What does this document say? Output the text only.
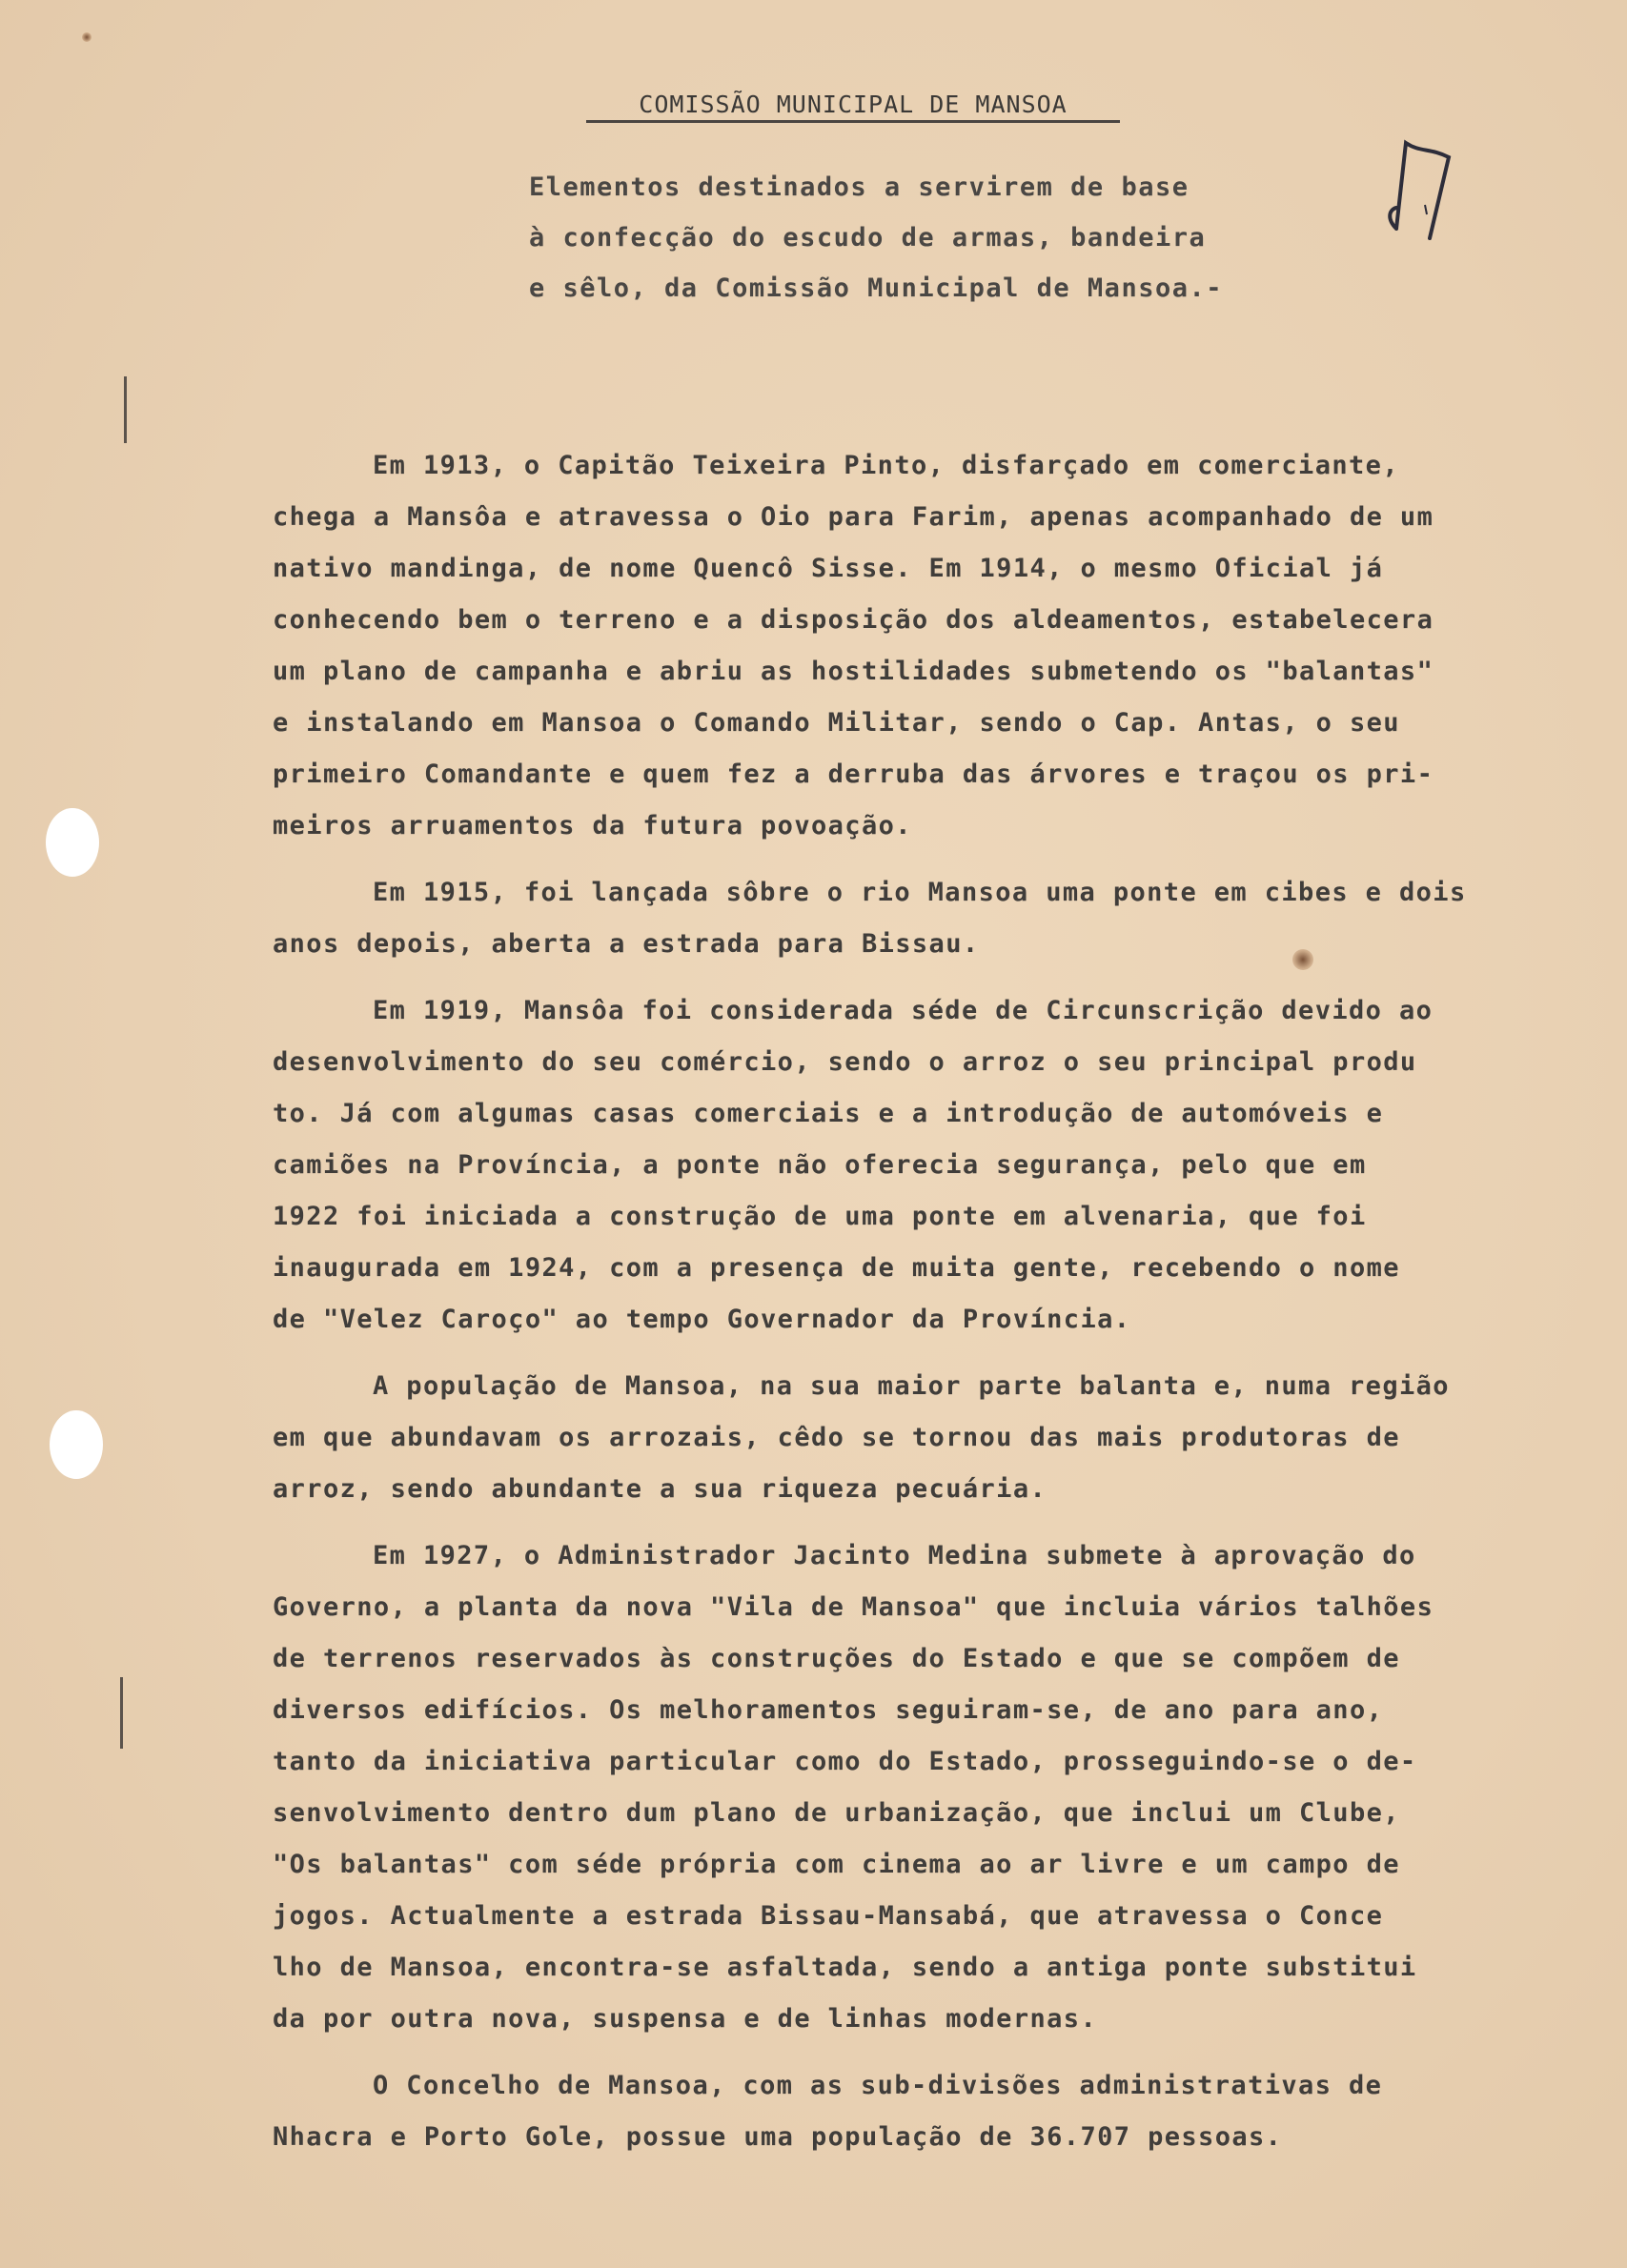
COMISSÃO MUNICIPAL DE MANSOA
Elementos destinados a servirem de base
à confecção do escudo de armas, bandeira
e sêlo, da Comissão Municipal de Mansoa.-

Em 1913, o Capitão Teixeira Pinto, disfarçado em comerciante,
chega a Mansôa e atravessa o Oio para Farim, apenas acompanhado de um
nativo mandinga, de nome Quencô Sisse. Em 1914, o mesmo Oficial já
conhecendo bem o terreno e a disposição dos aldeamentos, estabelecera
um plano de campanha e abriu as hostilidades submetendo os "balantas"
e instalando em Mansoa o Comando Militar, sendo o Cap. Antas, o seu
primeiro Comandante e quem fez a derruba das árvores e traçou os pri-
meiros arruamentos da futura povoação.

Em 1915, foi lançada sôbre o rio Mansoa uma ponte em cibes e dois
anos depois, aberta a estrada para Bissau.

Em 1919, Mansôa foi considerada séde de Circunscrição devido ao
desenvolvimento do seu comércio, sendo o arroz o seu principal produ
to. Já com algumas casas comerciais e a introdução de automóveis e
camiões na Província, a ponte não oferecia segurança, pelo que em
1922 foi iniciada a construção de uma ponte em alvenaria, que foi
inaugurada em 1924, com a presença de muita gente, recebendo o nome
de "Velez Caroço" ao tempo Governador da Província.

A população de Mansoa, na sua maior parte balanta e, numa região
em que abundavam os arrozais, cêdo se tornou das mais produtoras de
arroz, sendo abundante a sua riqueza pecuária.

Em 1927, o Administrador Jacinto Medina submete à aprovação do
Governo, a planta da nova "Vila de Mansoa" que incluia vários talhões
de terrenos reservados às construções do Estado e que se compõem de
diversos edifícios. Os melhoramentos seguiram-se, de ano para ano,
tanto da iniciativa particular como do Estado, prosseguindo-se o de-
senvolvimento dentro dum plano de urbanização, que inclui um Clube,
"Os balantas" com séde própria com cinema ao ar livre e um campo de
jogos. Actualmente a estrada Bissau-Mansabá, que atravessa o Conce
lho de Mansoa, encontra-se asfaltada, sendo a antiga ponte substitui
da por outra nova, suspensa e de linhas modernas.

O Concelho de Mansoa, com as sub-divisões administrativas de
Nhacra e Porto Gole, possue uma população de 36.707 pessoas.
